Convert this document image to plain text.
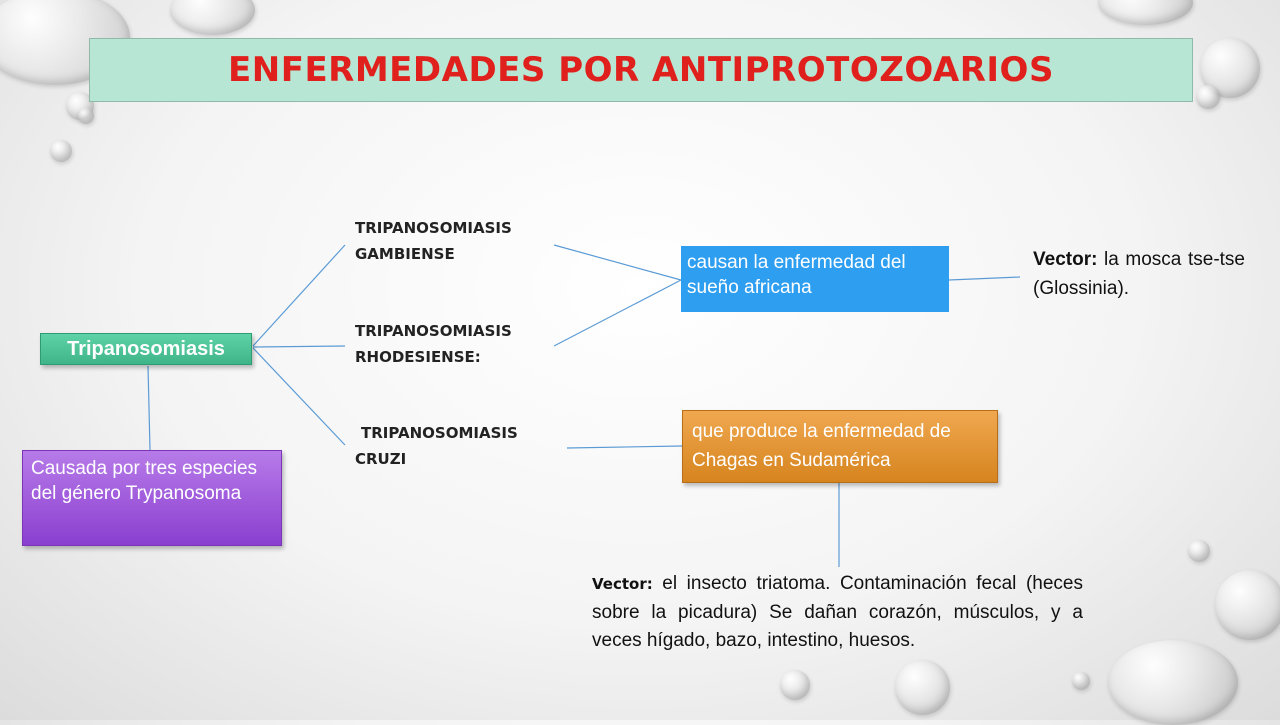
ENFERMEDADES POR ANTIPROTOZOARIOS
Tripanosomiasis
Causada por tres especies del género Trypanosoma
TRIPANOSOMIASIS
GAMBIENSE
TRIPANOSOMIASIS
RHODESIENSE:
TRIPANOSOMIASIS
CRUZI
causan la enfermedad del sueño africana
que produce la enfermedad de Chagas en Sudamérica
Vector: la mosca tse-tse (Glossinia).
Vector: el insecto triatoma. Contaminación fecal (heces sobre la picadura) Se dañan corazón, músculos, y a veces hígado, bazo, intestino, huesos.
